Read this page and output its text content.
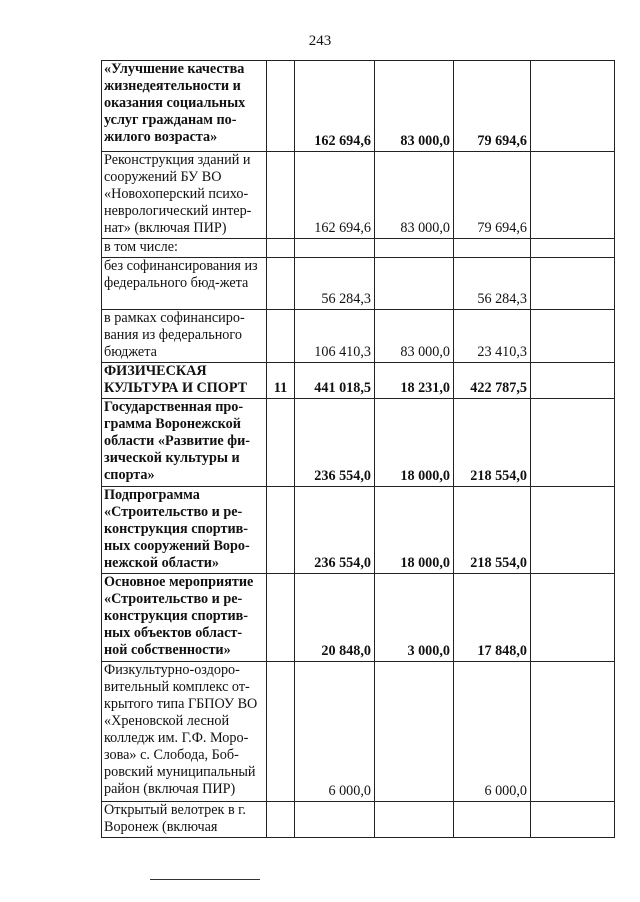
243
«Улучшение качества жизнедеятельности и оказания социальных услуг гражданам по-жилого возраста»		162 694,6	83 000,0	79 694,6	
Реконструкция зданий и сооружений БУ ВО «Новохоперский психо-неврологический интер-нат» (включая ПИР)		162 694,6	83 000,0	79 694,6	
в том числе:					
без софинансирования из федерального бюд-жета		56 284,3		56 284,3	
в рамках софинансиро-вания из федерального бюджета		106 410,3	83 000,0	23 410,3	
ФИЗИЧЕСКАЯ КУЛЬТУРА И СПОРТ	11	441 018,5	18 231,0	422 787,5	
Государственная про-грамма Воронежской области «Развитие фи-зической культуры и спорта»		236 554,0	18 000,0	218 554,0	
Подпрограмма «Строительство и ре-конструкция спортив-ных сооружений Воро-нежской области»		236 554,0	18 000,0	218 554,0	
Основное мероприятие «Строительство и ре-конструкция спортив-ных объектов област-ной собственности»		20 848,0	3 000,0	17 848,0	
Физкультурно-оздоро-вительный комплекс от-крытого типа ГБПОУ ВО «Хреновской лесной колледж им. Г.Ф. Моро-зова» с. Слобода, Боб-ровский муниципальный район (включая ПИР)		6 000,0		6 000,0	
Открытый велотрек в г. Воронеж (включая					
